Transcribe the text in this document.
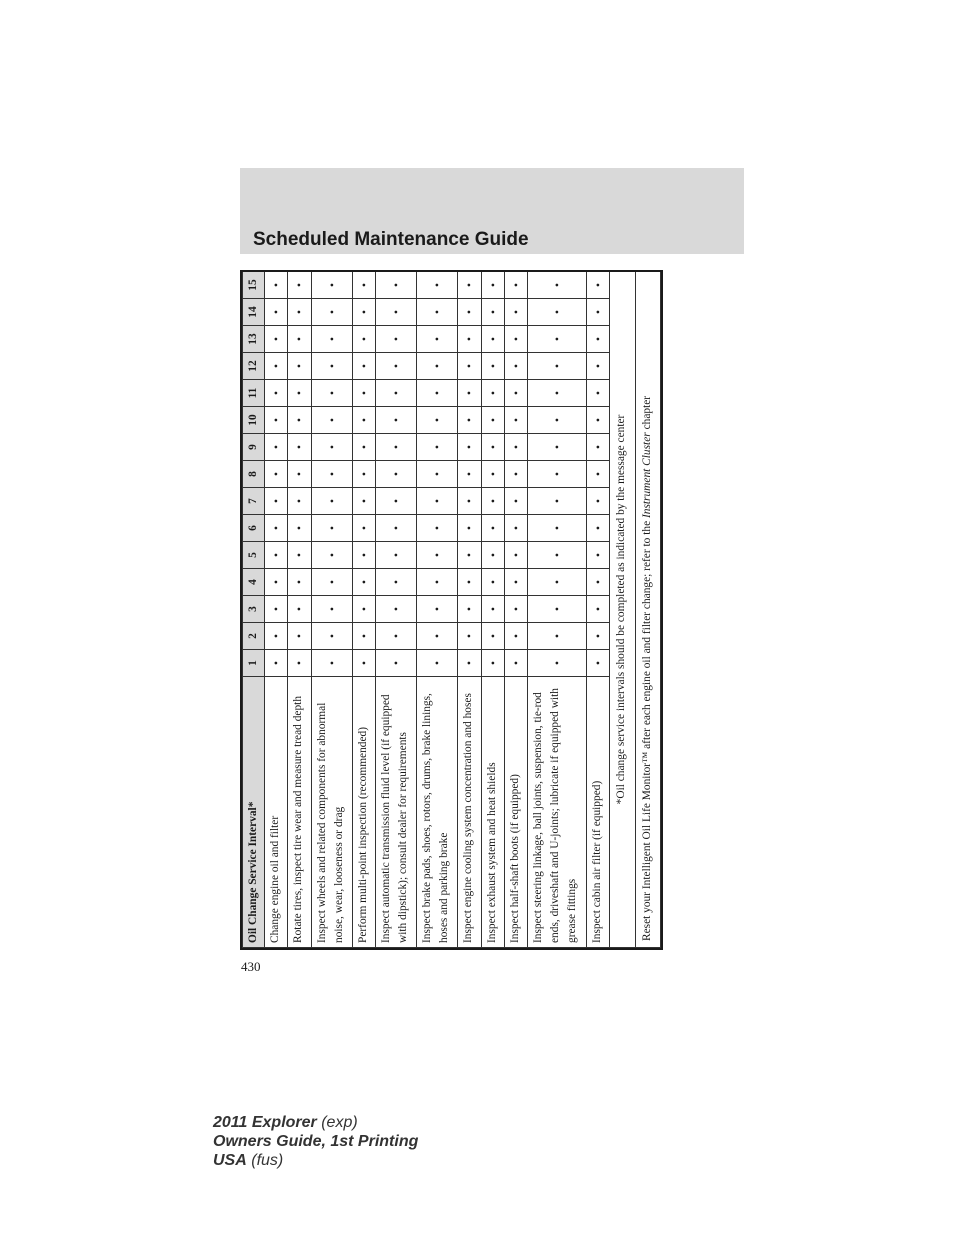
Scheduled Maintenance Guide
Oil Change Service Interval*	1	2	3	4	5	6	7	8	9	10	11	12	13	14	15
Change engine oil and filter	•	•	•	•	•	•	•	•	•	•	•	•	•	•	•
Rotate tires, inspect tire wear and measure tread depth	•	•	•	•	•	•	•	•	•	•	•	•	•	•	•
Inspect wheels and related components for abnormal noise, wear, looseness or drag	•	•	•	•	•	•	•	•	•	•	•	•	•	•	•
Perform multi-point inspection (recommended)	•	•	•	•	•	•	•	•	•	•	•	•	•	•	•
Inspect automatic transmission fluid level (if equipped with dipstick); consult dealer for requirements	•	•	•	•	•	•	•	•	•	•	•	•	•	•	•
Inspect brake pads, shoes, rotors, drums, brake linings, hoses and parking brake	•	•	•	•	•	•	•	•	•	•	•	•	•	•	•
Inspect engine cooling system concentration and hoses	•	•	•	•	•	•	•	•	•	•	•	•	•	•	•
Inspect exhaust system and heat shields	•	•	•	•	•	•	•	•	•	•	•	•	•	•	•
Inspect half-shaft boots (if equipped)	•	•	•	•	•	•	•	•	•	•	•	•	•	•	•
Inspect steering linkage, ball joints, suspension, tie-rod ends, driveshaft and U-joints; lubricate if equipped with grease fittings	•	•	•	•	•	•	•	•	•	•	•	•	•	•	•
Inspect cabin air filter (if equipped)	•	•	•	•	•	•	•	•	•	•	•	•	•	•	•
*Oil change service intervals should be completed as indicated by the message center															
Reset your Intelligent Oil Life Monitor™ after each engine oil and filter change; refer to the Instrument Cluster chapter															
430
2011 Explorer (exp)
Owners Guide, 1st Printing
USA (fus)
